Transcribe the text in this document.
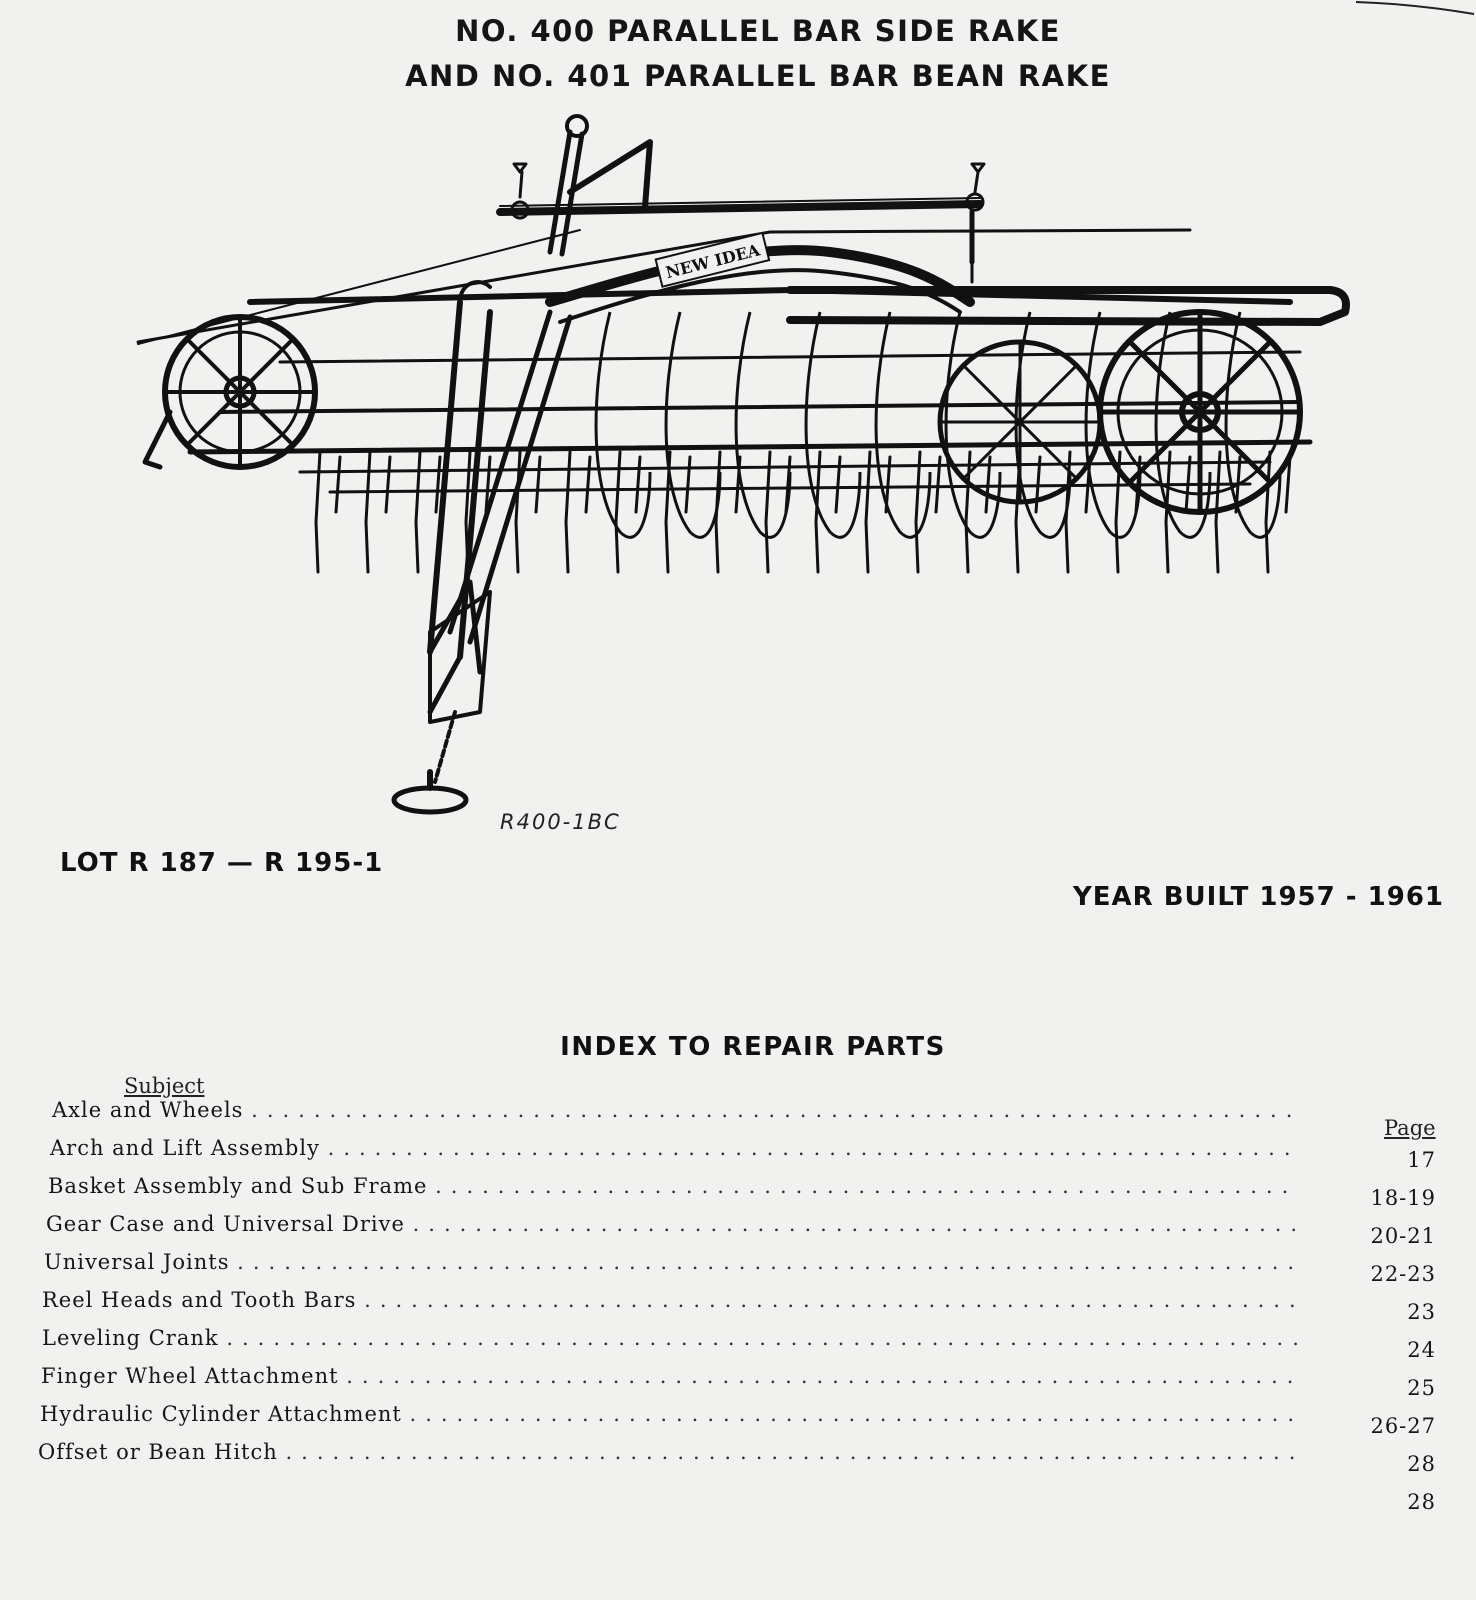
NO. 400 PARALLEL BAR SIDE RAKE
AND NO. 401 PARALLEL BAR BEAN RAKE
NEW IDEA
R400-1BC
LOT R 187 — R 195-1
YEAR BUILT 1957 - 1961
INDEX TO REPAIR PARTS
Subject
Page
Axle and Wheels ...................................................................
Arch and Lift Assembly ..............................................................
Basket Assembly and Sub Frame .......................................................
Gear Case and Universal Drive .........................................................
Universal Joints ....................................................................
Reel Heads and Tooth Bars ............................................................
Leveling Crank .....................................................................
Finger Wheel Attachment .............................................................
Hydraulic Cylinder Attachment .........................................................
Offset or Bean Hitch .................................................................
17
18-19
20-21
22-23
23
24
25
26-27
28
28
